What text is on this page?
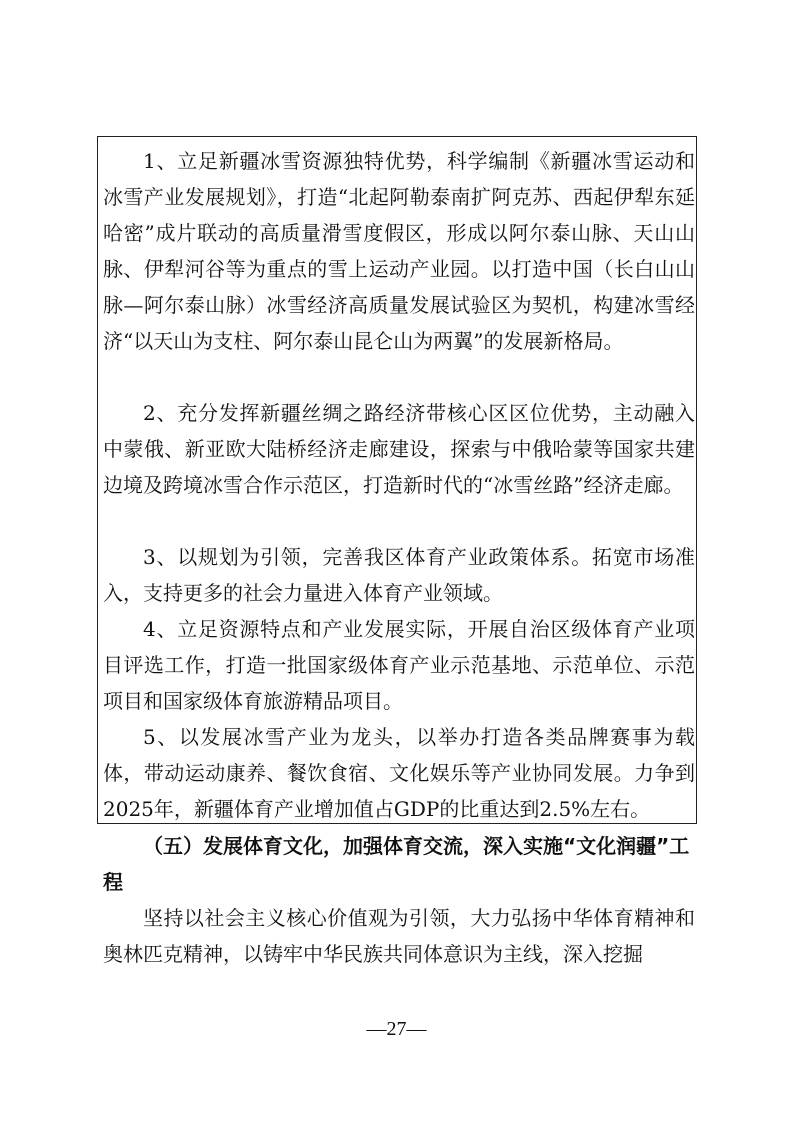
1、立足新疆冰雪资源独特优势，科学编制《新疆冰雪运动和冰雪产业发展规划》，打造“北起阿勒泰南扩阿克苏、西起伊犁东延哈密”成片联动的高质量滑雪度假区，形成以阿尔泰山脉、天山山脉、伊犁河谷等为重点的雪上运动产业园。以打造中国（长白山山脉—阿尔泰山脉）冰雪经济高质量发展试验区为契机，构建冰雪经济“以天山为支柱、阿尔泰山昆仑山为两翼”的发展新格局。

2、充分发挥新疆丝绸之路经济带核心区区位优势，主动融入中蒙俄、新亚欧大陆桥经济走廊建设，探索与中俄哈蒙等国家共建边境及跨境冰雪合作示范区，打造新时代的“冰雪丝路”经济走廊。

3、以规划为引领，完善我区体育产业政策体系。拓宽市场准入，支持更多的社会力量进入体育产业领域。

4、立足资源特点和产业发展实际，开展自治区级体育产业项目评选工作，打造一批国家级体育产业示范基地、示范单位、示范项目和国家级体育旅游精品项目。

5、以发展冰雪产业为龙头，以举办打造各类品牌赛事为载体，带动运动康养、餐饮食宿、文化娱乐等产业协同发展。力争到2025年，新疆体育产业增加值占GDP的比重达到2.5%左右。

（五）发展体育文化，加强体育交流，深入实施“文化润疆”工程

坚持以社会主义核心价值观为引领，大力弘扬中华体育精神和奥林匹克精神，以铸牢中华民族共同体意识为主线，深入挖掘

—27—
